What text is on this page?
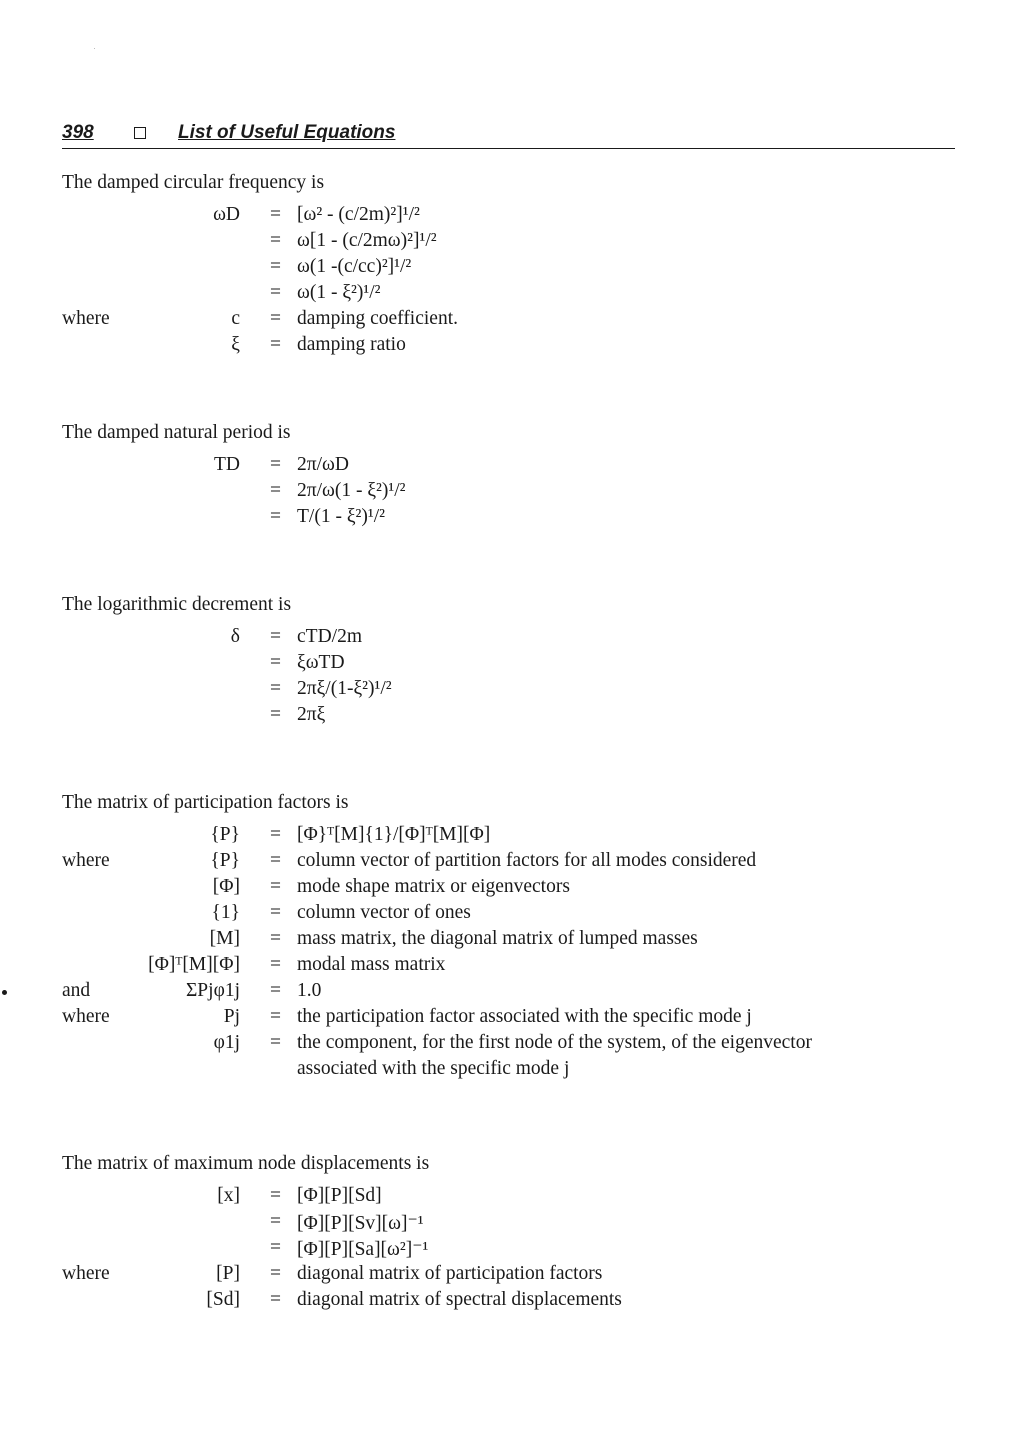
398	List of Useful Equations
The damped circular frequency is
ωD = [ω² - (c/2m)²]¹/²
= ω[1 - (c/2mω)²]¹/²
= ω(1 -(c/cc)²]¹/²
= ω(1 - ξ²)¹/²
where	c = damping coefficient.
ξ = damping ratio
The damped natural period is
TD = 2π/ωD
= 2π/ω(1 - ξ²)¹/²
= T/(1 - ξ²)¹/²
The logarithmic decrement is
δ = cTD/2m
= ξωTD
= 2πξ/(1-ξ²)¹/²
= 2πξ
The matrix of participation factors is
{P} = [Φ}ᵀ[M]{1}/[Φ]ᵀ[M][Φ]
where	{P} = column vector of partition factors for all modes considered
[Φ] = mode shape matrix or eigenvectors
{1} = column vector of ones
[M] = mass matrix, the diagonal matrix of lumped masses
[Φ]ᵀ[M][Φ] = modal mass matrix
and	ΣPjφ1j = 1.0
where	Pj = the participation factor associated with the specific mode j
φ1j = the component, for the first node of the system, of the eigenvector
associated with the specific mode j
The matrix of maximum node displacements is
[x] = [Φ][P][Sd]
= [Φ][P][Sv][ω]⁻¹
= [Φ][P][Sa][ω²]⁻¹
where	[P] = diagonal matrix of participation factors
[Sd] = diagonal matrix of spectral displacements
